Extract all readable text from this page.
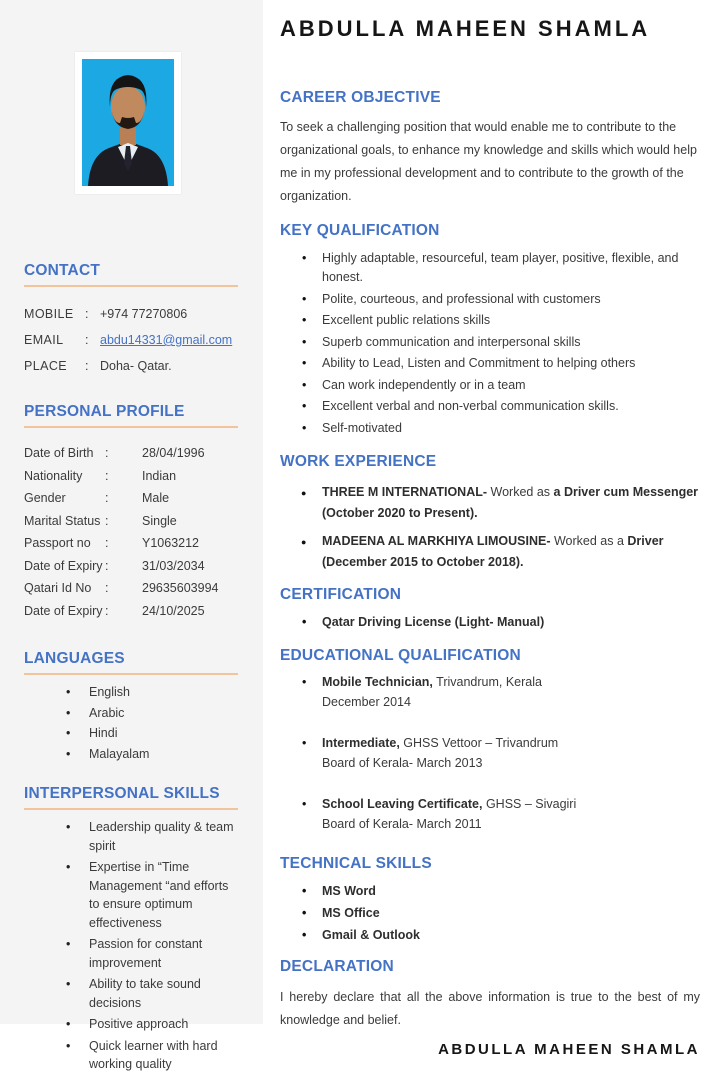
CONTACT
MOBILE : +974 77270806
EMAIL	: abdu14331@gmail.com
PLACE	: Doha- Qatar.
PERSONAL PROFILE
Date of Birth :	28/04/1996
Nationality	:	Indian
Gender	:	Male
Marital Status :	Single
Passport no	:	Y1063212
Date of Expiry :	31/03/2034
Qatari Id No	:	29635603994
Date of Expiry :	24/10/2025
LANGUAGES
• English
• Arabic
• Hindi
• Malayalam
INTERPERSONAL SKILLS
• Leadership quality & team spirit
• Expertise in “Time Management “and efforts to ensure optimum effectiveness
• Passion for constant improvement
• Ability to take sound decisions
• Positive approach
• Quick learner with hard working quality
ABDULLA MAHEEN SHAMLA
CAREER OBJECTIVE

To seek a challenging position that would enable me to contribute to the organizational goals, to enhance my knowledge and skills which would help me in my professional development and to contribute to the growth of the organization.

KEY QUALIFICATION
• Highly adaptable, resourceful, team player, positive, flexible, and honest.
• Polite, courteous, and professional with customers
• Excellent public relations skills
• Superb communication and interpersonal skills
• Ability to Lead, Listen and Commitment to helping others
• Can work independently or in a team
• Excellent verbal and non-verbal communication skills.
• Self-motivated
WORK EXPERIENCE
● THREE M INTERNATIONAL- Worked as a Driver cum Messenger
(October 2020 to Present).
● MADEENA AL MARKHIYA LIMOUSINE- Worked as a Driver
(December 2015 to October 2018).
CERTIFICATION
• Qatar Driving License (Light- Manual)
EDUCATIONAL QUALIFICATION
• Mobile Technician, Trivandrum, Kerala
December 2014
• Intermediate, GHSS Vettoor – Trivandrum
Board of Kerala- March 2013
• School Leaving Certificate, GHSS – Sivagiri
Board of Kerala- March 2011
TECHNICAL SKILLS
• MS Word
• MS Office
• Gmail & Outlook
DECLARATION

I hereby declare that all the above information is true to the best of my knowledge and belief.

ABDULLA MAHEEN SHAMLA
